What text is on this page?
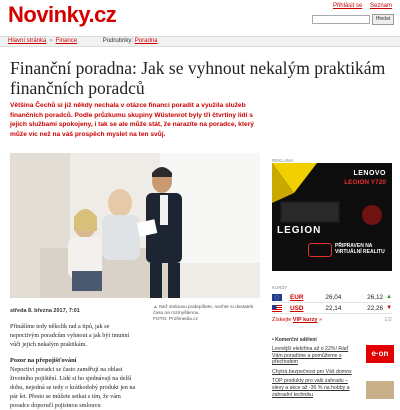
Novinky.cz	Přihlásit se Seznam
Hledat
Hlavní stránka » Finance	Podrubriky: Poradna
Finanční poradna: Jak se vyhnout nekalým praktikám finančních poradců

Většina Čechů si již někdy nechala v otázce financí poradit a využila služeb finančních poradců. Podle průzkumu skupiny Wüstenrot byly tři čtvrtiny lidí s jejich službami spokojeny, i tak se ale může stát, že narazíte na poradce, který může víc než na váš prospěch myslet na ten svůj.

středa 8. března 2017, 7:01
▲ Než smlouvu podepíšete, nechte si dostatek času na rozmyšlenou.
FOTO: Profimedia.cz

Přinášíme tedy několik rad a tipů, jak se nepoctivým poradcům vyhnout a jak být imunní vůči jejich nekalým praktikám.

Pozor na přepojišťování

Nepoctiví poradci se často zaměřují na oblast životního pojištění. Lidé si ho sjednávají na delší dobu, nejedná se tedy o krátkodobý produkt jen na pár let. Přesto se můžete setkat s tím, že vám poradce doporučí pojistnou smlouvu

REKLAMA
LENOVO
LEGION Y720
LEGION
PŘIPRAVEN NA VIRTUÁLNÍ REALITU
KURZY
EUR	26,04	26,12 ▲
USD	22,14	22,26 ▼
Získejte VIP kurzy »	1/2
• Komerční sdělení
Levnější elektřina až o 22%! Ráď Vám poradíme a pomůžeme s přechodem
Chytrá bezpečnost pro Váš domov
TOP produkty pro vaši zahradu – slevy a akce až -36 % na hobby a zahradní techniku
e·on
